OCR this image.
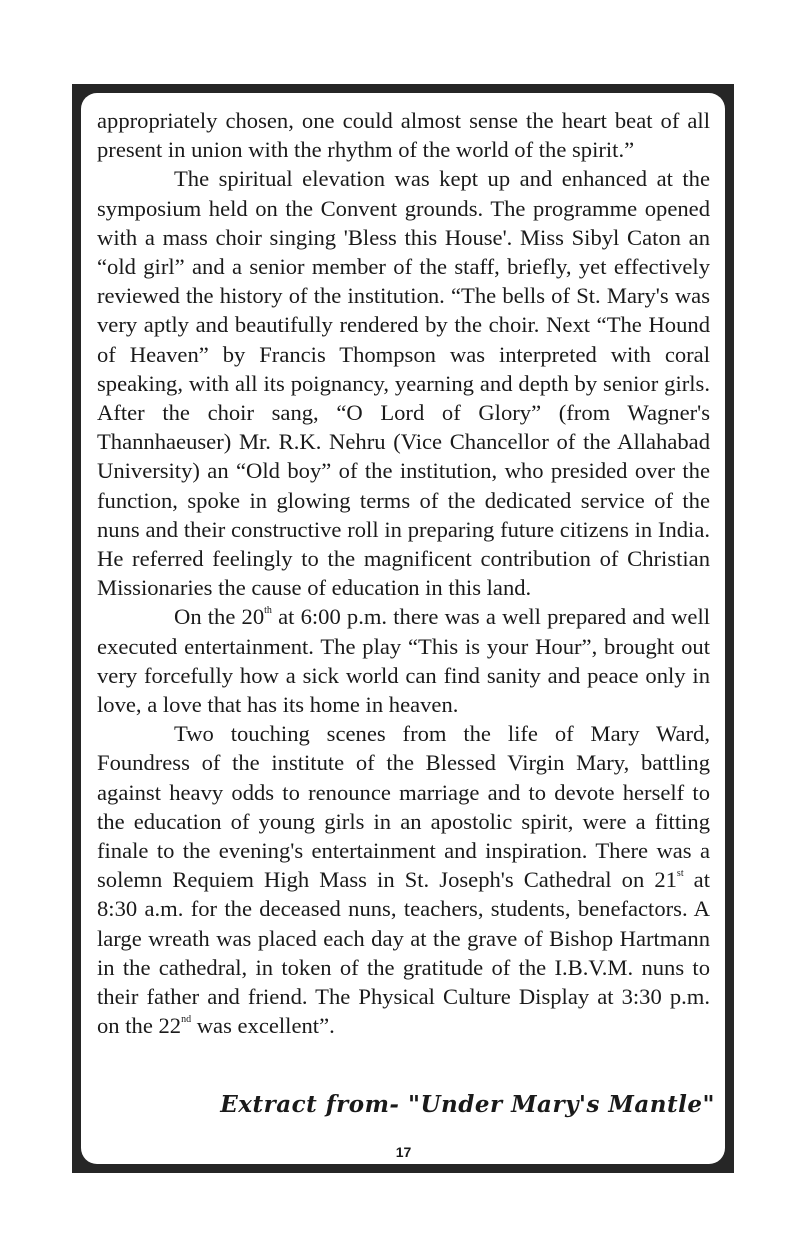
appropriately chosen, one could almost sense the heart beat of all present in union with the rhythm of the world of the spirit.”

The spiritual elevation was kept up and enhanced at the symposium held on the Convent grounds. The programme opened with a mass choir singing 'Bless this House'. Miss Sibyl Caton an “old girl” and a senior member of the staff, briefly, yet effectively reviewed the history of the institution. “The bells of St. Mary's was very aptly and beautifully rendered by the choir. Next “The Hound of Heaven” by Francis Thompson was interpreted with coral speaking, with all its poignancy, yearning and depth by senior girls. After the choir sang, “O Lord of Glory” (from Wagner's Thannhaeuser) Mr. R.K. Nehru (Vice Chancellor of the Allahabad University) an “Old boy” of the institution, who presided over the function, spoke in glowing terms of the dedicated service of the nuns and their constructive roll in preparing future citizens in India. He referred feelingly to the magnificent contribution of Christian Missionaries the cause of education in this land.

On the 20th at 6:00 p.m. there was a well prepared and well executed entertainment. The play “This is your Hour”, brought out very forcefully how a sick world can find sanity and peace only in love, a love that has its home in heaven.

Two touching scenes from the life of Mary Ward, Foundress of the institute of the Blessed Virgin Mary, battling against heavy odds to renounce marriage and to devote herself to the education of young girls in an apostolic spirit, were a fitting finale to the evening's entertainment and inspiration. There was a solemn Requiem High Mass in St. Joseph's Cathedral on 21st at 8:30 a.m. for the deceased nuns, teachers, students, benefactors. A large wreath was placed each day at the grave of Bishop Hartmann in the cathedral, in token of the gratitude of the I.B.V.M. nuns to their father and friend. The Physical Culture Display at 3:30 p.m. on the 22nd was excellent”.

Extract from- "Under Mary's Mantle"
17
